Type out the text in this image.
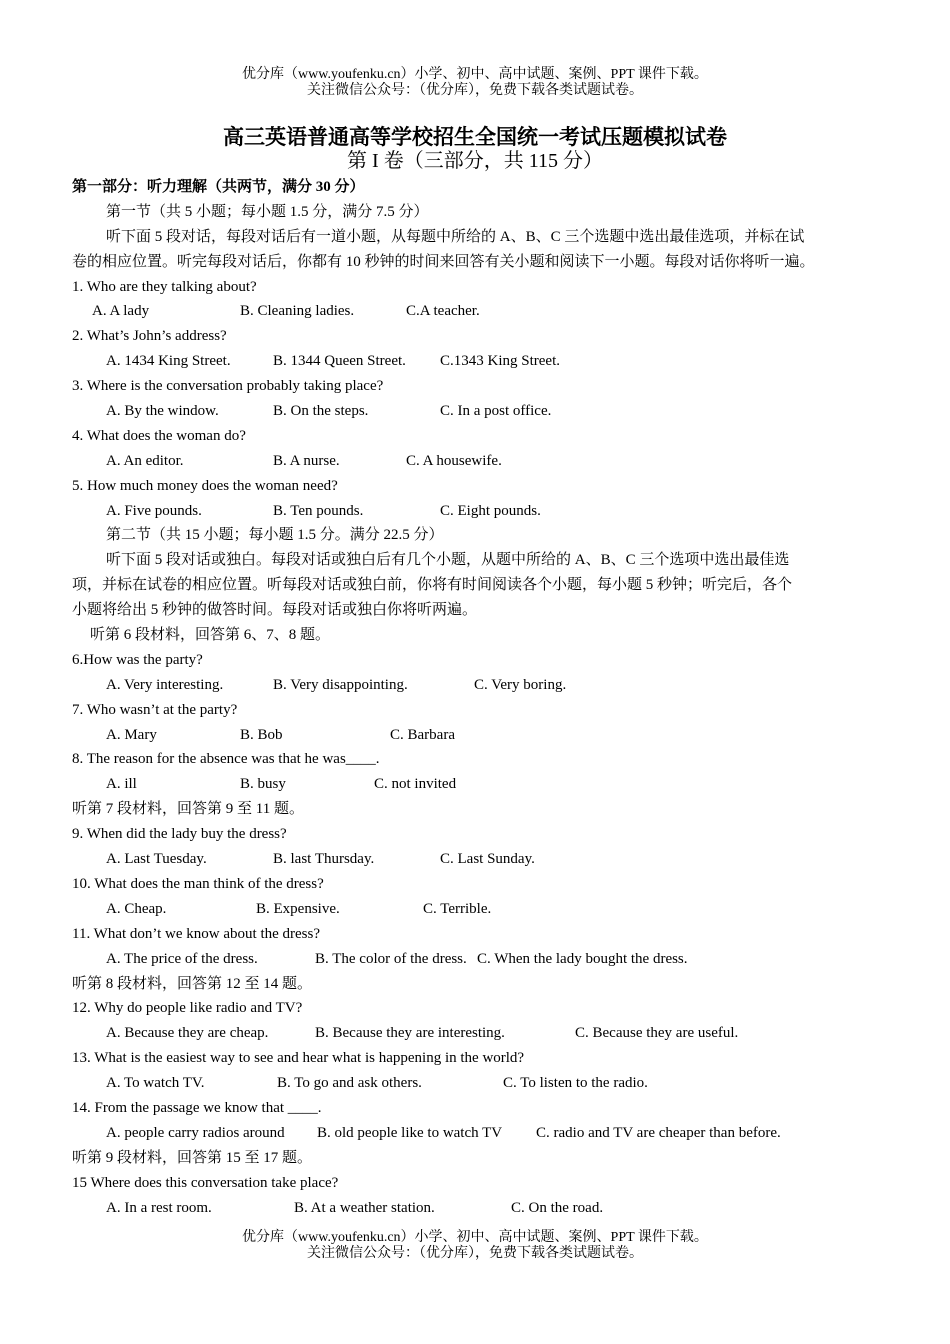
优分库（www.youfenku.cn）小学、初中、高中试题、案例、PPT 课件下载。
关注微信公众号：（优分库），免费下载各类试题试卷。
高三英语普通高等学校招生全国统一考试压题模拟试卷
第 I 卷（三部分，共 115 分）
第一部分：听力理解（共两节，满分 30 分）
第一节（共 5 小题；每小题 1.5 分，满分 7.5 分）
听下面 5 段对话，每段对话后有一道小题，从每题中所给的 A、B、C 三个选题中选出最佳选项，并标在试
卷的相应位置。听完每段对话后，你都有 10 秒钟的时间来回答有关小题和阅读下一小题。每段对话你将听一遍。
1. Who are they talking about?
A. A lady	B. Cleaning ladies.	C.A teacher.
2. What’s John’s address?
A. 1434 King Street.	B. 1344 Queen Street. C.1343 King Street.
3. Where is the conversation probably taking place?
A. By the window.	B. On the steps.	C. In a post office.
4. What does the woman do?
A. An editor.	B. A nurse.	C. A housewife.
5. How much money does the woman need?
A. Five pounds.	B. Ten pounds.	C. Eight pounds.
第二节（共 15 小题；每小题 1.5 分。满分 22.5 分）
听下面 5 段对话或独白。每段对话或独白后有几个小题，从题中所给的 A、B、C 三个选项中选出最佳选
项，并标在试卷的相应位置。听每段对话或独白前，你将有时间阅读各个小题，每小题 5 秒钟；听完后，各个
小题将给出 5 秒钟的做答时间。每段对话或独白你将听两遍。
听第 6 段材料，回答第 6、7、8 题。
6.How was the party?
A. Very interesting.	B. Very disappointing.	C. Very boring.
7. Who wasn’t at the party?
A. Mary	B. Bob	C. Barbara
8. The reason for the absence was that he was____.
A. ill	B. busy	C. not invited
听第 7 段材料，回答第 9 至 11 题。
9. When did the lady buy the dress?
A. Last Tuesday.	B. last Thursday.	C. Last Sunday.
10. What does the man think of the dress?
A. Cheap.	B. Expensive.	C. Terrible.
11. What don’t we know about the dress?
A. The price of the dress.	B. The color of the dress. C. When the lady bought the dress.
听第 8 段材料，回答第 12 至 14 题。
12. Why do people like radio and TV?
A. Because they are cheap.	B. Because they are interesting.	C. Because they are useful.
13. What is the easiest way to see and hear what is happening in the world?
A. To watch TV.	B. To go and ask others.	C. To listen to the radio.
14. From the passage we know that ____.
A. people carry radios around B. old people like to watch TV C. radio and TV are cheaper than before.
听第 9 段材料，回答第 15 至 17 题。
15 Where does this conversation take place?
A. In a rest room.	B. At a weather station.	C. On the road.
优分库（www.youfenku.cn）小学、初中、高中试题、案例、PPT 课件下载。
关注微信公众号：（优分库），免费下载各类试题试卷。
